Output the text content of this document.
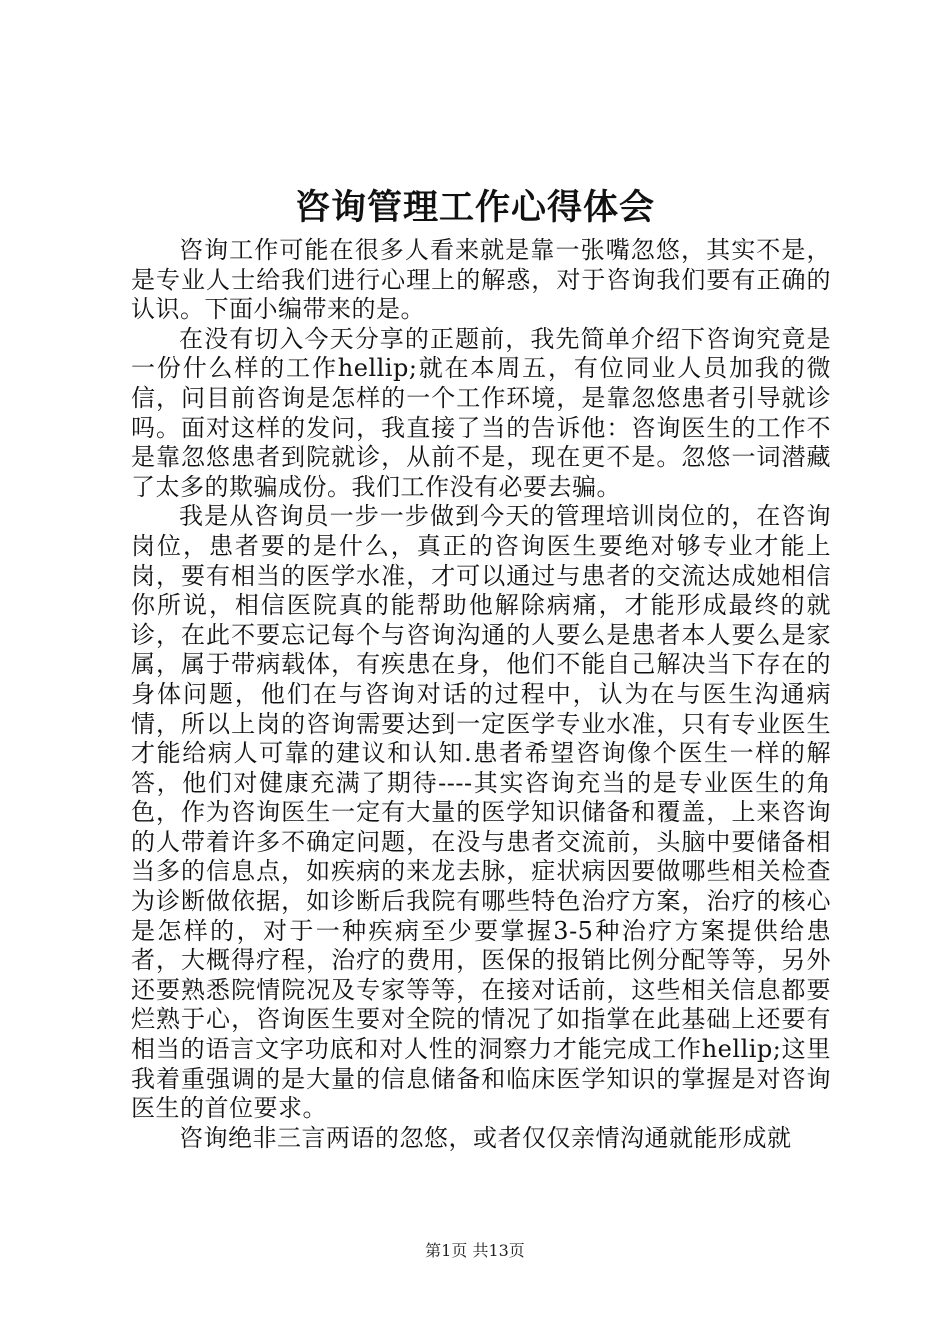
咨询管理工作心得体会

咨询工作可能在很多人看来就是靠一张嘴忽悠，其实不是，是专业人士给我们进行心理上的解惑，对于咨询我们要有正确的认识。下面小编带来的是。

在没有切入今天分享的正题前，我先简单介绍下咨询究竟是一份什么样的工作hellip;就在本周五，有位同业人员加我的微信，问目前咨询是怎样的一个工作环境，是靠忽悠患者引导就诊吗。面对这样的发问，我直接了当的告诉他：咨询医生的工作不是靠忽悠患者到院就诊，从前不是，现在更不是。忽悠一词潜藏了太多的欺骗成份。我们工作没有必要去骗。

我是从咨询员一步一步做到今天的管理培训岗位的，在咨询岗位，患者要的是什么，真正的咨询医生要绝对够专业才能上岗，要有相当的医学水准，才可以通过与患者的交流达成她相信你所说，相信医院真的能帮助他解除病痛，才能形成最终的就诊，在此不要忘记每个与咨询沟通的人要么是患者本人要么是家属，属于带病载体，有疾患在身，他们不能自己解决当下存在的身体问题，他们在与咨询对话的过程中，认为在与医生沟通病情，所以上岗的咨询需要达到一定医学专业水准，只有专业医生才能给病人可靠的建议和认知.患者希望咨询像个医生一样的解答，他们对健康充满了期待----其实咨询充当的是专业医生的角色，作为咨询医生一定有大量的医学知识储备和覆盖，上来咨询的人带着许多不确定问题，在没与患者交流前，头脑中要储备相当多的信息点，如疾病的来龙去脉，症状病因要做哪些相关检查为诊断做依据，如诊断后我院有哪些特色治疗方案，治疗的核心是怎样的，对于一种疾病至少要掌握3-5种治疗方案提供给患者，大概得疗程，治疗的费用，医保的报销比例分配等等，另外还要熟悉院情院况及专家等等，在接对话前，这些相关信息都要烂熟于心，咨询医生要对全院的情况了如指掌在此基础上还要有相当的语言文字功底和对人性的洞察力才能完成工作hellip;这里我着重强调的是大量的信息储备和临床医学知识的掌握是对咨询医生的首位要求。

咨询绝非三言两语的忽悠，或者仅仅亲情沟通就能形成就

第1页 共13页
